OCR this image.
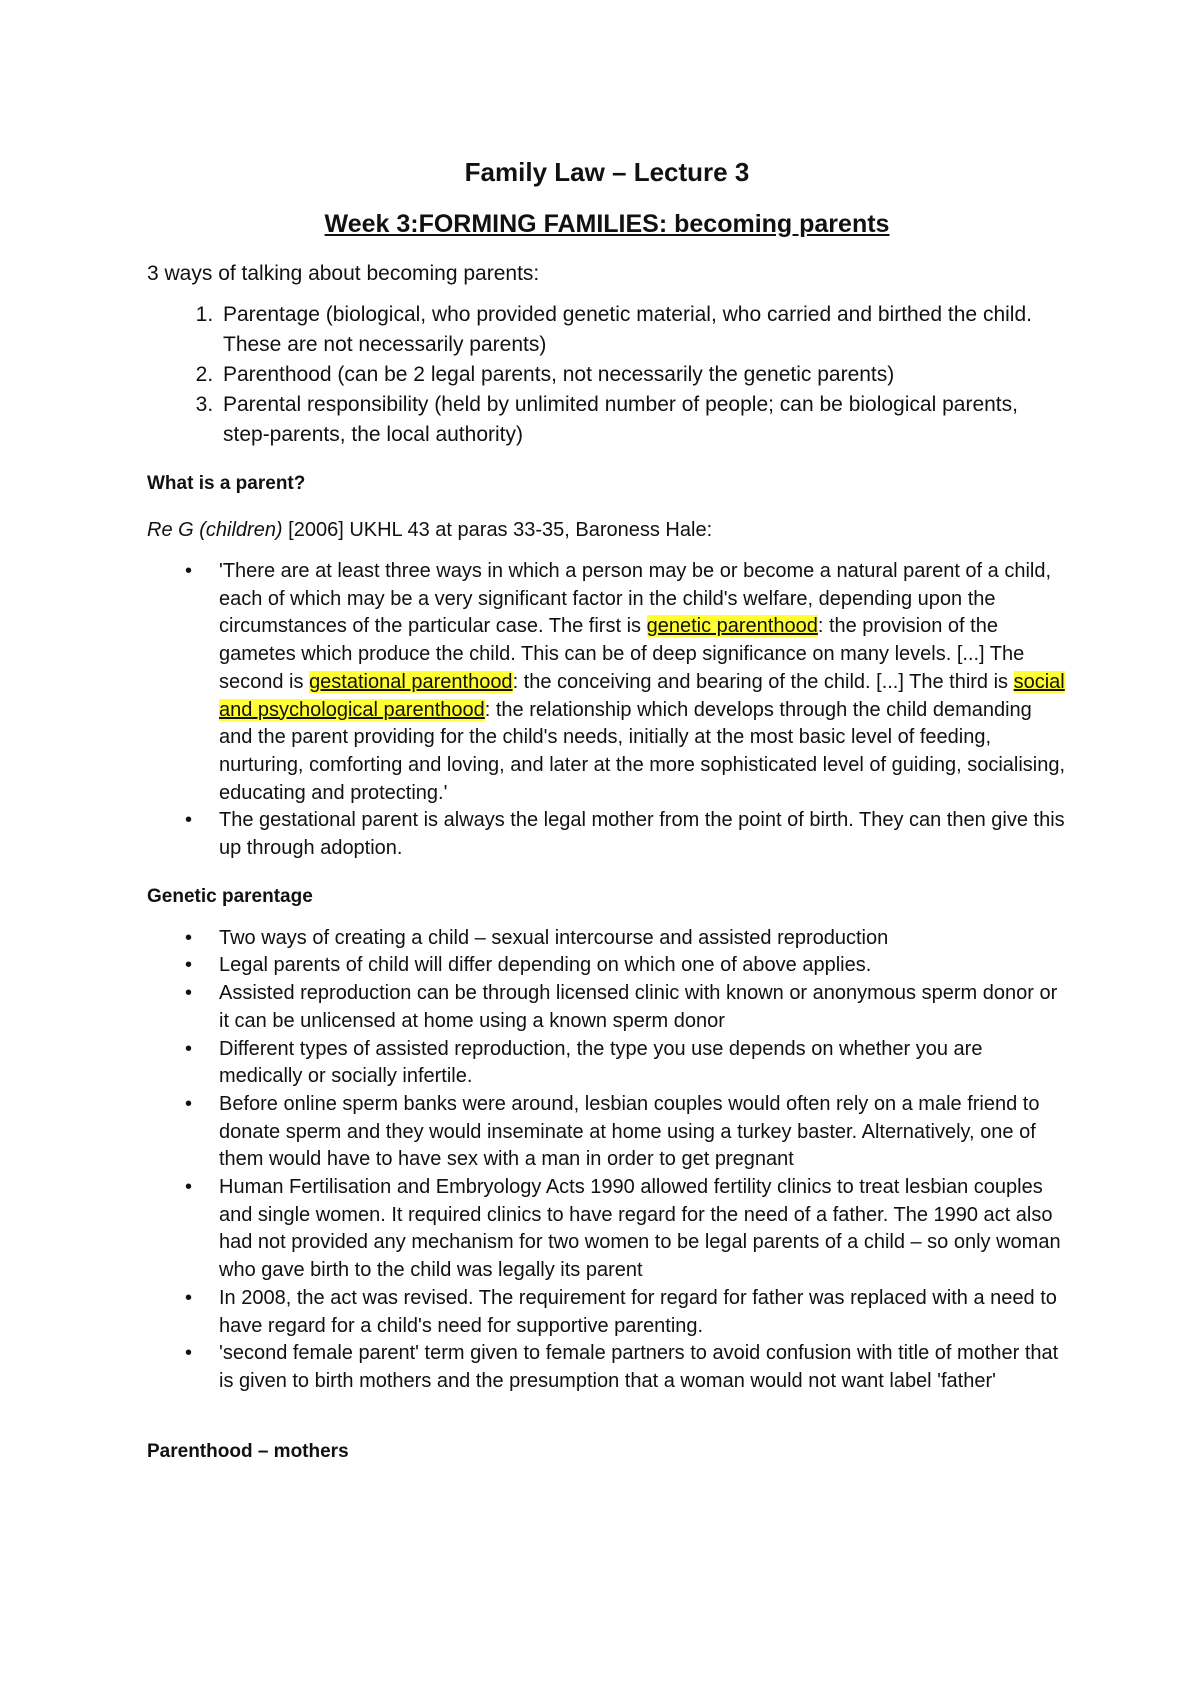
Family Law – Lecture 3
Week 3:FORMING FAMILIES: becoming parents

3 ways of talking about becoming parents:

1. Parentage (biological, who provided genetic material, who carried and birthed the child. These are not necessarily parents)
2. Parenthood (can be 2 legal parents, not necessarily the genetic parents)
3. Parental responsibility (held by unlimited number of people; can be biological parents, step-parents, the local authority)

What is a parent?

Re G (children) [2006] UKHL 43 at paras 33-35, Baroness Hale:

• 'There are at least three ways in which a person may be or become a natural parent of a child, each of which may be a very significant factor in the child's welfare, depending upon the circumstances of the particular case. The first is genetic parenthood: the provision of the gametes which produce the child. This can be of deep significance on many levels. [...] The second is gestational parenthood: the conceiving and bearing of the child. [...] The third is social and psychological parenthood: the relationship which develops through the child demanding and the parent providing for the child's needs, initially at the most basic level of feeding, nurturing, comforting and loving, and later at the more sophisticated level of guiding, socialising, educating and protecting.'
• The gestational parent is always the legal mother from the point of birth. They can then give this up through adoption.

Genetic parentage

• Two ways of creating a child – sexual intercourse and assisted reproduction
• Legal parents of child will differ depending on which one of above applies.
• Assisted reproduction can be through licensed clinic with known or anonymous sperm donor or it can be unlicensed at home using a known sperm donor
• Different types of assisted reproduction, the type you use depends on whether you are medically or socially infertile.
• Before online sperm banks were around, lesbian couples would often rely on a male friend to donate sperm and they would inseminate at home using a turkey baster. Alternatively, one of them would have to have sex with a man in order to get pregnant
• Human Fertilisation and Embryology Acts 1990 allowed fertility clinics to treat lesbian couples and single women. It required clinics to have regard for the need of a father. The 1990 act also had not provided any mechanism for two women to be legal parents of a child – so only woman who gave birth to the child was legally its parent
• In 2008, the act was revised. The requirement for regard for father was replaced with a need to have regard for a child's need for supportive parenting.
• 'second female parent' term given to female partners to avoid confusion with title of mother that is given to birth mothers and the presumption that a woman would not want label 'father'

Parenthood – mothers
